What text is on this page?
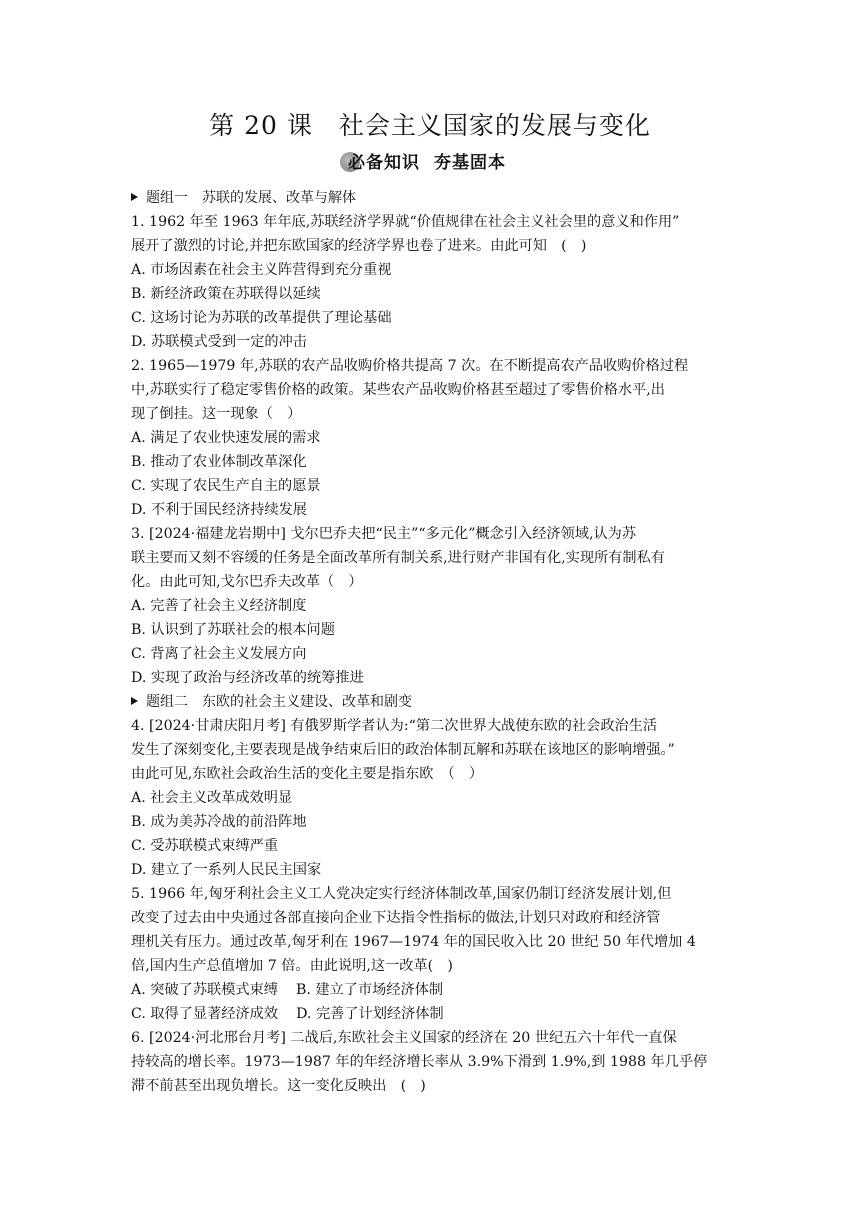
第 20 课　社会主义国家的发展与变化
必备知识 夯基固本
题组一　苏联的发展、改革与解体
1. 1962 年至 1963 年年底,苏联经济学界就“价值规律在社会主义社会里的意义和作用”
展开了激烈的讨论,并把东欧国家的经济学界也卷了进来。由此可知　(　)
A. 市场因素在社会主义阵营得到充分重视
B. 新经济政策在苏联得以延续
C. 这场讨论为苏联的改革提供了理论基础
D. 苏联模式受到一定的冲击
2. 1965—1979 年,苏联的农产品收购价格共提高 7 次。在不断提高农产品收购价格过程
中,苏联实行了稳定零售价格的政策。某些农产品收购价格甚至超过了零售价格水平,出
现了倒挂。这一现象（　）
A. 满足了农业快速发展的需求
B. 推动了农业体制改革深化
C. 实现了农民生产自主的愿景
D. 不利于国民经济持续发展
3. [2024·福建龙岩期中] 戈尔巴乔夫把“民主”“多元化”概念引入经济领域,认为苏
联主要而又刻不容缓的任务是全面改革所有制关系,进行财产非国有化,实现所有制私有
化。由此可知,戈尔巴乔夫改革（　）
A. 完善了社会主义经济制度
B. 认识到了苏联社会的根本问题
C. 背离了社会主义发展方向
D. 实现了政治与经济改革的统筹推进
题组二　东欧的社会主义建设、改革和剧变
4. [2024·甘肃庆阳月考] 有俄罗斯学者认为:“第二次世界大战使东欧的社会政治生活
发生了深刻变化,主要表现是战争结束后旧的政治体制瓦解和苏联在该地区的影响增强。”
由此可见,东欧社会政治生活的变化主要是指东欧　（　）
A. 社会主义改革成效明显
B. 成为美苏冷战的前沿阵地
C. 受苏联模式束缚严重
D. 建立了一系列人民民主国家
5. 1966 年,匈牙利社会主义工人党决定实行经济体制改革,国家仍制订经济发展计划,但
改变了过去由中央通过各部直接向企业下达指令性指标的做法,计划只对政府和经济管
理机关有压力。通过改革,匈牙利在 1967—1974 年的国民收入比 20 世纪 50 年代增加 4
倍,国内生产总值增加 7 倍。由此说明,这一改革(　)
A. 突破了苏联模式束缚 B. 建立了市场经济体制
C. 取得了显著经济成效 D. 完善了计划经济体制
6. [2024·河北邢台月考] 二战后,东欧社会主义国家的经济在 20 世纪五六十年代一直保
持较高的增长率。1973—1987 年的年经济增长率从 3.9%下滑到 1.9%,到 1988 年几乎停
滞不前甚至出现负增长。这一变化反映出　(　)
